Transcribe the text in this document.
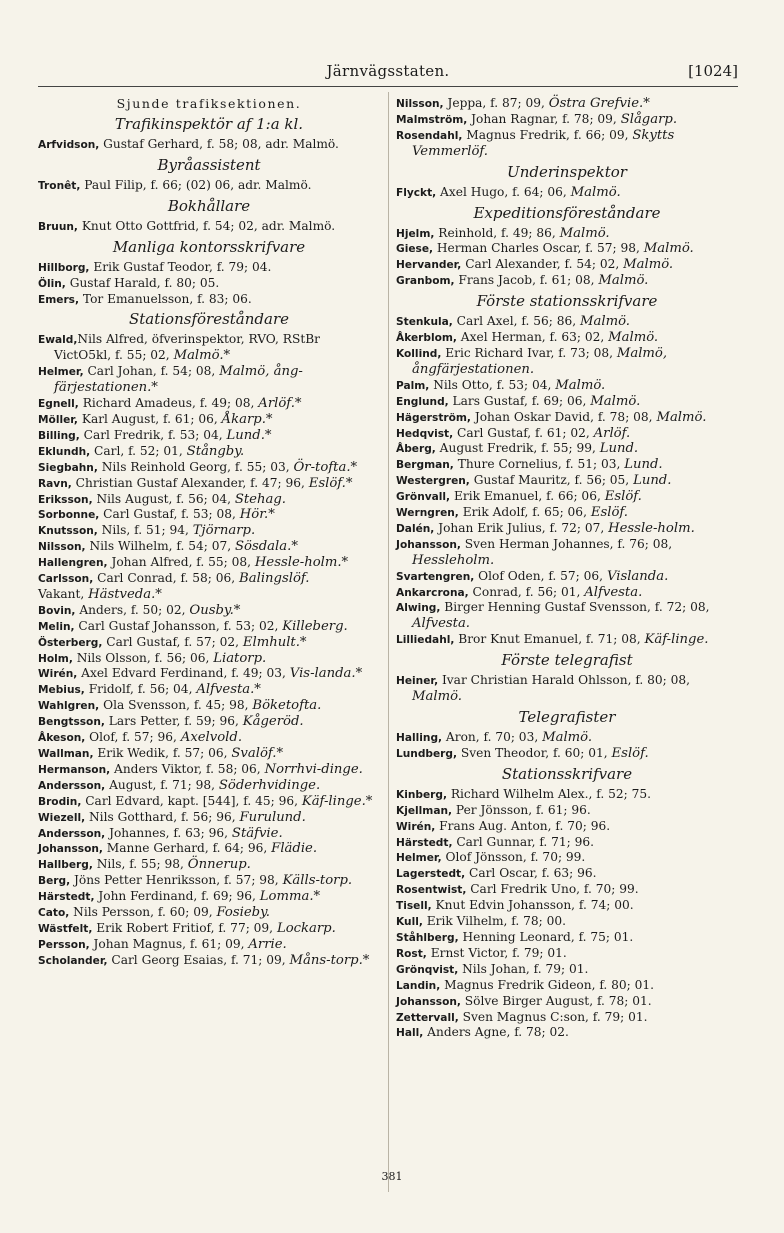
Järnvägsstaten.	[1024]
Sjunde trafiksektionen.
Trafikinspektör af 1:a kl.
Arfvidson, Gustaf Gerhard, f. 58; 08, adr. Malmö.
Byråassistent
Tronêt, Paul Filip, f. 66; (02) 06, adr. Malmö.
Bokhållare
Bruun, Knut Otto Gottfrid, f. 54; 02, adr. Malmö.
Manliga kontorsskrifvare
Hillborg, Erik Gustaf Teodor, f. 79; 04.
Ölin, Gustaf Harald, f. 80; 05.
Emers, Tor Emanuelsson, f. 83; 06.
Stationsföreståndare
Ewald,Nils Alfred, öfverinspektor, RVO, RStBr VictO5kl, f. 55; 02, Malmö.*
Helmer, Carl Johan, f. 54; 08, Malmö, ång-färjestationen.*
Egnell, Richard Amadeus, f. 49; 08, Arlöf.*
Möller, Karl August, f. 61; 06, Åkarp.*
Billing, Carl Fredrik, f. 53; 04, Lund.*
Eklundh, Carl, f. 52; 01, Stångby.
Siegbahn, Nils Reinhold Georg, f. 55; 03, Ör-tofta.*
Ravn, Christian Gustaf Alexander, f. 47; 96, Eslöf.*
Eriksson, Nils August, f. 56; 04, Stehag.
Sorbonne, Carl Gustaf, f. 53; 08, Hör.*
Knutsson, Nils, f. 51; 94, Tjörnarp.
Nilsson, Nils Wilhelm, f. 54; 07, Sösdala.*
Hallengren, Johan Alfred, f. 55; 08, Hessle-holm.*
Carlsson, Carl Conrad, f. 58; 06, Balingslöf.
Vakant, Hästveda.*
Bovin, Anders, f. 50; 02, Ousby.*
Melin, Carl Gustaf Johansson, f. 53; 02, Killeberg.
Österberg, Carl Gustaf, f. 57; 02, Elmhult.*
Holm, Nils Olsson, f. 56; 06, Liatorp.
Wirén, Axel Edvard Ferdinand, f. 49; 03, Vis-landa.*
Mebius, Fridolf, f. 56; 04, Alfvesta.*
Wahlgren, Ola Svensson, f. 45; 98, Böketofta.
Bengtsson, Lars Petter, f. 59; 96, Kågeröd.
Åkeson, Olof, f. 57; 96, Axelvold.
Wallman, Erik Wedik, f. 57; 06, Svalöf.*
Hermanson, Anders Viktor, f. 58; 06, Norrhvi-dinge.
Andersson, August, f. 71; 98, Söderhvidinge.
Brodin, Carl Edvard, kapt. [544], f. 45; 96, Käf-linge.*
Wiezell, Nils Gotthard, f. 56; 96, Furulund.
Andersson, Johannes, f. 63; 96, Stäfvie.
Johansson, Manne Gerhard, f. 64; 96, Flädie.
Hallberg, Nils, f. 55; 98, Önnerup.
Berg, Jöns Petter Henriksson, f. 57; 98, Källs-torp.
Härstedt, John Ferdinand, f. 69; 96, Lomma.*
Cato, Nils Persson, f. 60; 09, Fosieby.
Wästfelt, Erik Robert Fritiof, f. 77; 09, Lockarp.
Persson, Johan Magnus, f. 61; 09, Arrie.
Scholander, Carl Georg Esaias, f. 71; 09, Måns-torp.*
Nilsson, Jeppa, f. 87; 09, Östra Grefvie.*
Malmström, Johan Ragnar, f. 78; 09, Slågarp.
Rosendahl, Magnus Fredrik, f. 66; 09, Skytts Vemmerlöf.
Underinspektor
Flyckt, Axel Hugo, f. 64; 06, Malmö.
Expeditionsföreståndare
Hjelm, Reinhold, f. 49; 86, Malmö.
Giese, Herman Charles Oscar, f. 57; 98, Malmö.
Hervander, Carl Alexander, f. 54; 02, Malmö.
Granbom, Frans Jacob, f. 61; 08, Malmö.
Förste stationsskrifvare
Stenkula, Carl Axel, f. 56; 86, Malmö.
Åkerblom, Axel Herman, f. 63; 02, Malmö.
Kollind, Eric Richard Ivar, f. 73; 08, Malmö, ångfärjestationen.
Palm, Nils Otto, f. 53; 04, Malmö.
Englund, Lars Gustaf, f. 69; 06, Malmö.
Hägerström, Johan Oskar David, f. 78; 08, Malmö.
Hedqvist, Carl Gustaf, f. 61; 02, Arlöf.
Åberg, August Fredrik, f. 55; 99, Lund.
Bergman, Thure Cornelius, f. 51; 03, Lund.
Westergren, Gustaf Mauritz, f. 56; 05, Lund.
Grönvall, Erik Emanuel, f. 66; 06, Eslöf.
Werngren, Erik Adolf, f. 65; 06, Eslöf.
Dalén, Johan Erik Julius, f. 72; 07, Hessle-holm.
Johansson, Sven Herman Johannes, f. 76; 08, Hessleholm.
Svartengren, Olof Oden, f. 57; 06, Vislanda.
Ankarcrona, Conrad, f. 56; 01, Alfvesta.
Alwing, Birger Henning Gustaf Svensson, f. 72; 08, Alfvesta.
Lilliedahl, Bror Knut Emanuel, f. 71; 08, Käf-linge.
Förste telegrafist
Heiner, Ivar Christian Harald Ohlsson, f. 80; 08, Malmö.
Telegrafister
Halling, Aron, f. 70; 03, Malmö.
Lundberg, Sven Theodor, f. 60; 01, Eslöf.
Stationsskrifvare
Kinberg, Richard Wilhelm Alex., f. 52; 75.
Kjellman, Per Jönsson, f. 61; 96.
Wirén, Frans Aug. Anton, f. 70; 96.
Härstedt, Carl Gunnar, f. 71; 96.
Helmer, Olof Jönsson, f. 70; 99.
Lagerstedt, Carl Oscar, f. 63; 96.
Rosentwist, Carl Fredrik Uno, f. 70; 99.
Tisell, Knut Edvin Johansson, f. 74; 00.
Kull, Erik Vilhelm, f. 78; 00.
Ståhlberg, Henning Leonard, f. 75; 01.
Rost, Ernst Victor, f. 79; 01.
Grönqvist, Nils Johan, f. 79; 01.
Landin, Magnus Fredrik Gideon, f. 80; 01.
Johansson, Sölve Birger August, f. 78; 01.
Zettervall, Sven Magnus C:son, f. 79; 01.
Hall, Anders Agne, f. 78; 02.
381
